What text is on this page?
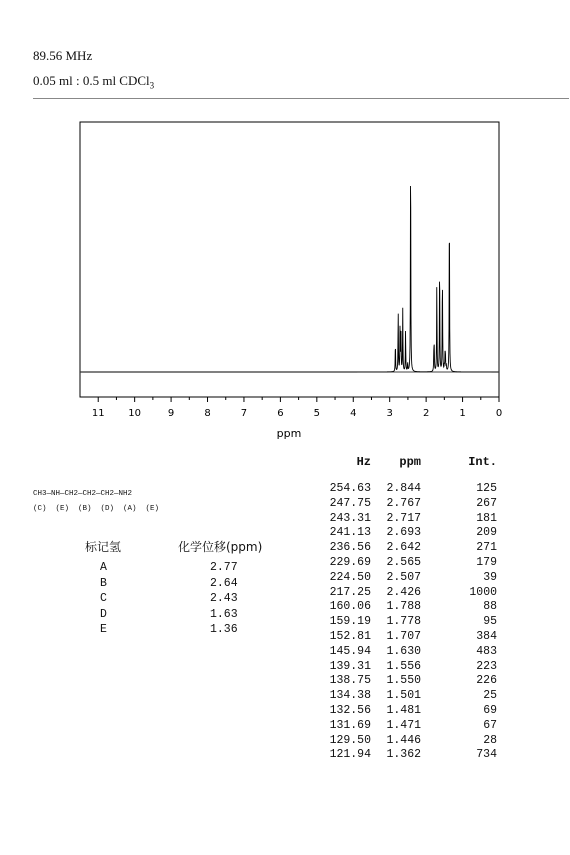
89.56 MHz
0.05 ml : 0.5 ml CDCl$_3$
11 10	9	8	7	6	5	4	3	2	1	0
ppm
Hz	ppm	Int.
254.63	2.844	125
247.75	2.767	267
243.31	2.717	181
241.13	2.693	209
236.56	2.642	271
229.69	2.565	179
224.50	2.507	39
217.25	2.426	1000
160.06	1.788	88
159.19	1.778	95
152.81	1.707	384
145.94	1.630	483
139.31	1.556	223
138.75	1.550	226
134.38	1.501	25
132.56	1.481	69
131.69	1.471	67
129.50	1.446	28
121.94	1.362	734
CH3—NH—CH2—CH2—CH2—NH2
(C)  (E)  (B)  (D)  (A)  (E)
标记氢	化学位移(ppm)
A	2.77
B	2.64
C	2.43
D	1.63
E	1.36
